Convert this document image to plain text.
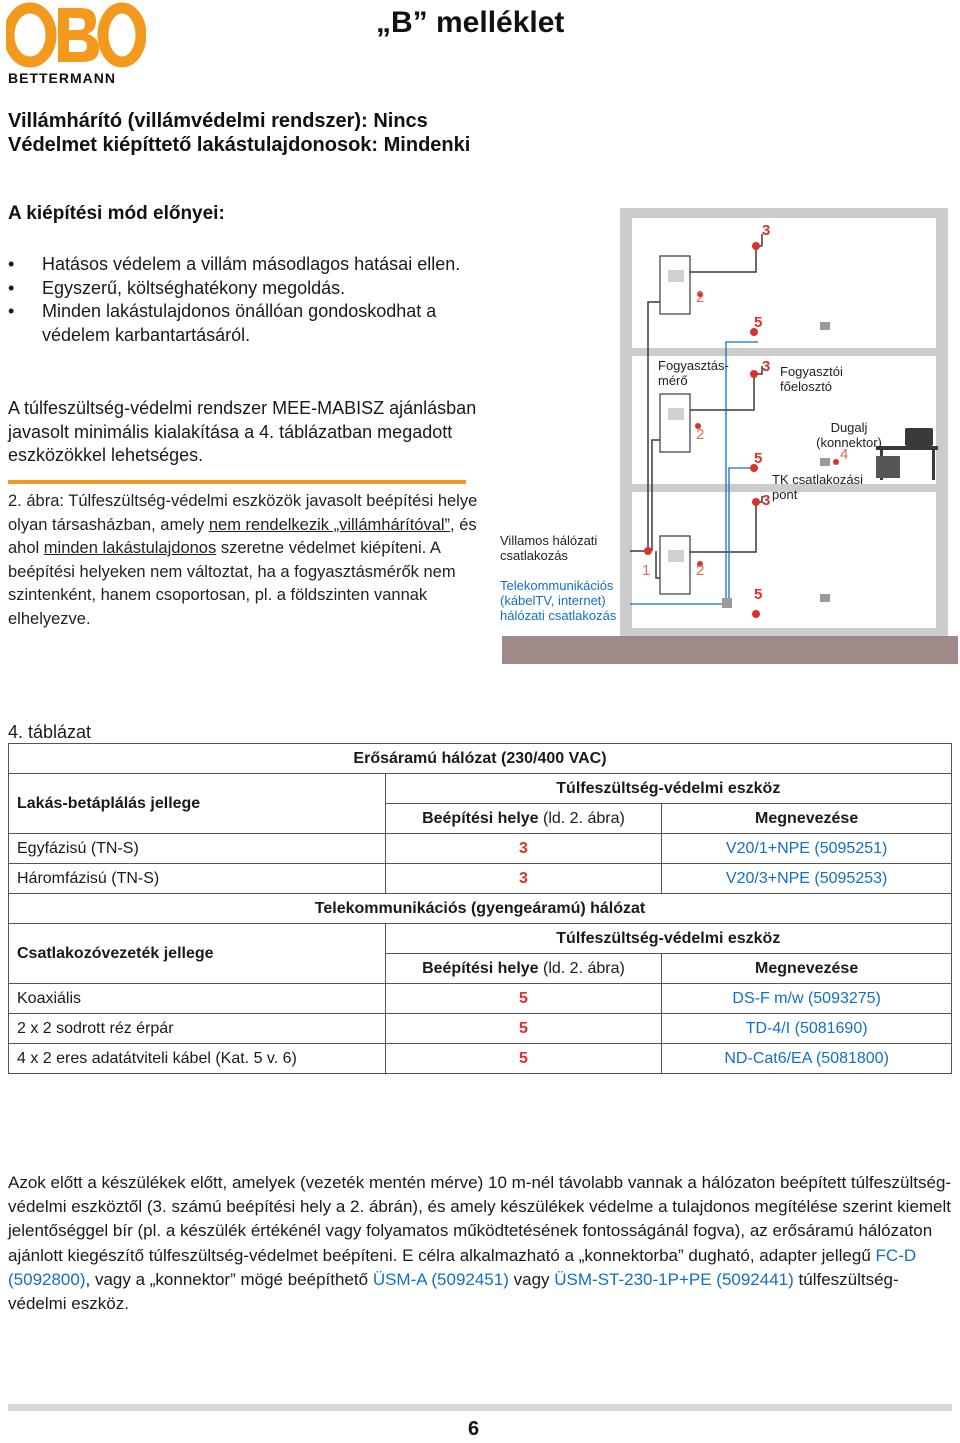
BETTERMANN
„B” melléklet
Villámhárító (villámvédelmi rendszer): Nincs
Védelmet kiépíttető lakástulajdonosok: Mindenki
A kiépítési mód előnyei:
• Hatásos védelem a villám másodlagos hatásai ellen.
• Egyszerű, költséghatékony megoldás.
• Minden lakástulajdonos önállóan gondoskodhat a védelem karbantartásáról.
A túlfeszültség-védelmi rendszer MEE-MABISZ ajánlásban javasolt minimális kialakítása a 4. táblázatban megadott eszközökkel lehetséges.
2. ábra: Túlfeszültség-védelmi eszközök javasolt beépítési helye olyan társasházban, amely nem rendelkezik „villámhárítóval”, és ahol minden lakástulajdonos szeretne védelmet kiépíteni. A beépítési helyeken nem változtat, ha a fogyasztásmérők nem szintenként, hanem csoportosan, pl. a földszinten vannak elhelyezve.
Fogyasztás-
mérő
Fogyasztói
főelosztó
Dugalj
(konnektor)
TK csatlakozási
pont
Villamos hálózati
csatlakozás
Telekommunikációs
(kábelTV, internet)
hálózati csatlakozás
3
2
5
3
2
5	4
3
1	2
5
4. táblázat
Erősáramú hálózat (230/400 VAC)		
Lakás-betáplálás jellege	Túlfeszültség-védelmi eszköz	
	Beépítési helye (ld. 2. ábra)	Megnevezése
Egyfázisú (TN-S)	3	V20/1+NPE (5095251)
Háromfázisú (TN-S)	3	V20/3+NPE (5095253)
Telekommunikációs (gyengeáramú) hálózat		
Csatlakozóvezeték jellege	Túlfeszültség-védelmi eszköz	
	Beépítési helye (ld. 2. ábra)	Megnevezése
Koaxiális	5	DS-F m/w (5093275)
2 x 2 sodrott réz érpár	5	TD-4/I (5081690)
4 x 2 eres adatátviteli kábel (Kat. 5 v. 6)	5	ND-Cat6/EA (5081800)
Azok előtt a készülékek előtt, amelyek (vezeték mentén mérve) 10 m-nél távolabb vannak a hálózaton beépített túlfeszültség-védelmi eszköztől (3. számú beépítési hely a 2. ábrán), és amely készülékek védelme a tulajdonos megítélése szerint kiemelt jelentőséggel bír (pl. a készülék értékénél vagy folyamatos működtetésének fontosságánál fogva), az erősáramú hálózaton ajánlott kiegészítő túlfeszültség-védelmet beépíteni. E célra alkalmazható a „konnektorba” dugható, adapter jellegű FC-D (5092800), vagy a „konnektor” mögé beépíthető ÜSM-A (5092451) vagy ÜSM-ST-230-1P+PE (5092441) túlfeszültség-védelmi eszköz.
6
